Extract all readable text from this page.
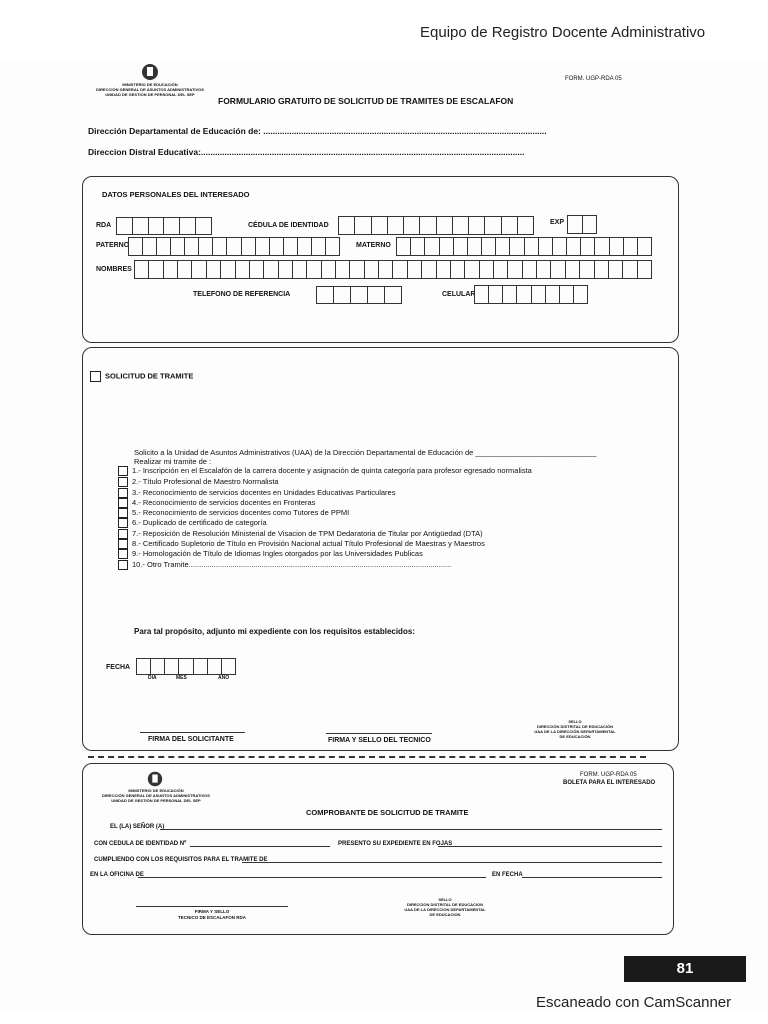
Equipo de Registro Docente Administrativo
MINISTERIO DE EDUCACIÓN
DIRECCIÓN GENERAL DE ASUNTOS ADMINISTRATIVOS
UNIDAD DE GESTIÓN DE PERSONAL DEL SEP
FORM. UGP-RDA 05
FORMULARIO GRATUITO DE SOLICITUD DE TRAMITES DE ESCALAFON
Dirección Departamental de Educación de: ........................................................................................................................
Direccion Distral Educativa:.........................................................................................................................................
DATOS PERSONALES DEL INTERESADO
RDA	CÉDULA DE IDENTIDAD	EXP
PATERNO	MATERNO
NOMBRES
TELEFONO DE REFERENCIA	CELULAR
SOLICITUD DE TRAMITE
Solicito a la Unidad de Asuntos Administrativos (UAA) de la Dirección Departamental de Educación de _____________________________
Realizar mi tramite de :
1.- Inscripción en el Escalafón de la carrera docente y asignación de quinta categoría para profesor egresado normalista
2.- Título Profesional de Maestro Normalista
3.- Reconocimiento de servicios docentes en Unidades Educativas Particulares
4.- Reconocimiento de servicios docentes en Fronteras
5.- Reconocimiento de servicios docentes como Tutores de PPMI
6.- Duplicado de certificado de categoría
7.- Reposición de Resolución Ministerial de Visacion de TPM Dedaratoria de Titular por Antigüedad (DTA)
8.- Certificado Supletorio de Título en Provisión Nacional actual Título Profesional de Maestras y Maestros
9.- Homologación de Título de Idiomas Ingles otorgados por las Universidades Publicas
10.- Otro Tramite..............................................................................................................................
Para tal propósito, adjunto mi expediente con los requisitos establecidos:
FECHA
DIA	MES	AÑO
FIRMA DEL SOLICITANTE	FIRMA Y SELLO DEL TECNICO
SELLO
DIRECCIÓN DISTRITAL DE EDUCACIÓN
UAA DE LA DIRECCIÓN DEPARTAMENTAL
DE EDUCACIÓN
MINISTERIO DE EDUCACIÓN
DIRECCIÓN GENERAL DE ASUNTOS ADMINISTRATIVOS
UNIDAD DE GESTIÓN DE PERSONAL DEL SEP
FORM. UGP-RDA 05
BOLETA PARA EL INTERESADO
COMPROBANTE DE SOLICITUD DE TRAMITE
EL (LA) SEÑOR (A)
CON CEDULA DE IDENTIDAD Nº	PRESENTO SU EXPEDIENTE EN FOJAS
CUMPLIENDO CON LOS REQUISITOS PARA EL TRAMITE DE
EN LA OFICINA DE	EN FECHA
FIRMA Y SELLO
TECNICO DE ESCALAFON RDA
SELLO
DIRECCION DISTRITAL DE EDUCACION
UAA DE LA DIRECCION DEPARTAMENTAL
DE EDUCACION
81
Escaneado con CamScanner
